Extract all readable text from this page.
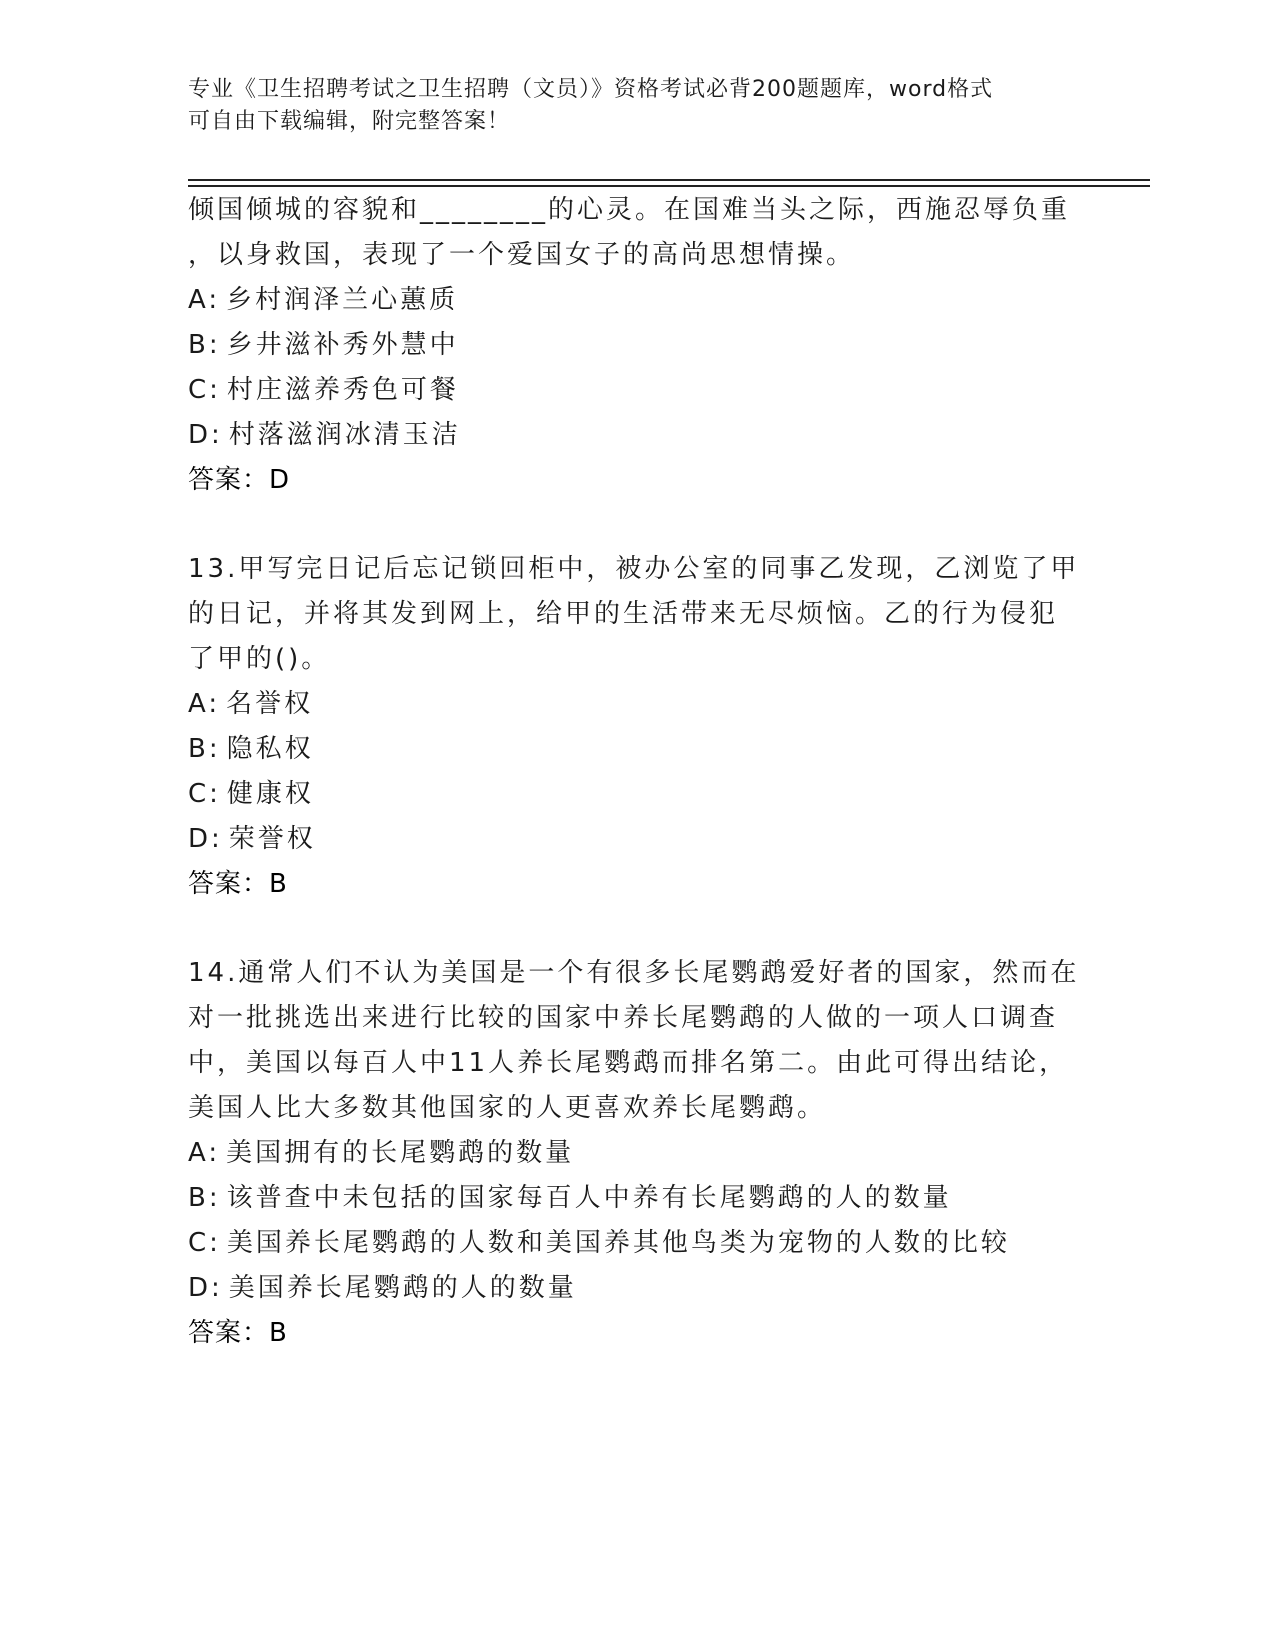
专业《卫生招聘考试之卫生招聘（文员）》资格考试必背200题题库，word格式
可自由下载编辑，附完整答案！
倾国倾城的容貌和________的心灵。在国难当头之际，西施忍辱负重
，以身救国，表现了一个爱国女子的高尚思想情操。
A: 乡村润泽兰心蕙质
B: 乡井滋补秀外慧中
C: 村庄滋养秀色可餐
D: 村落滋润冰清玉洁
答案：D
13.甲写完日记后忘记锁回柜中，被办公室的同事乙发现，乙浏览了甲
的日记，并将其发到网上，给甲的生活带来无尽烦恼。乙的行为侵犯
了甲的()。
A: 名誉权
B: 隐私权
C: 健康权
D: 荣誉权
答案：B
14.通常人们不认为美国是一个有很多长尾鹦鹉爱好者的国家，然而在
对一批挑选出来进行比较的国家中养长尾鹦鹉的人做的一项人口调查
中，美国以每百人中11人养长尾鹦鹉而排名第二。由此可得出结论，
美国人比大多数其他国家的人更喜欢养长尾鹦鹉。
A: 美国拥有的长尾鹦鹉的数量
B: 该普查中未包括的国家每百人中养有长尾鹦鹉的人的数量
C: 美国养长尾鹦鹉的人数和美国养其他鸟类为宠物的人数的比较
D: 美国养长尾鹦鹉的人的数量
答案：B
